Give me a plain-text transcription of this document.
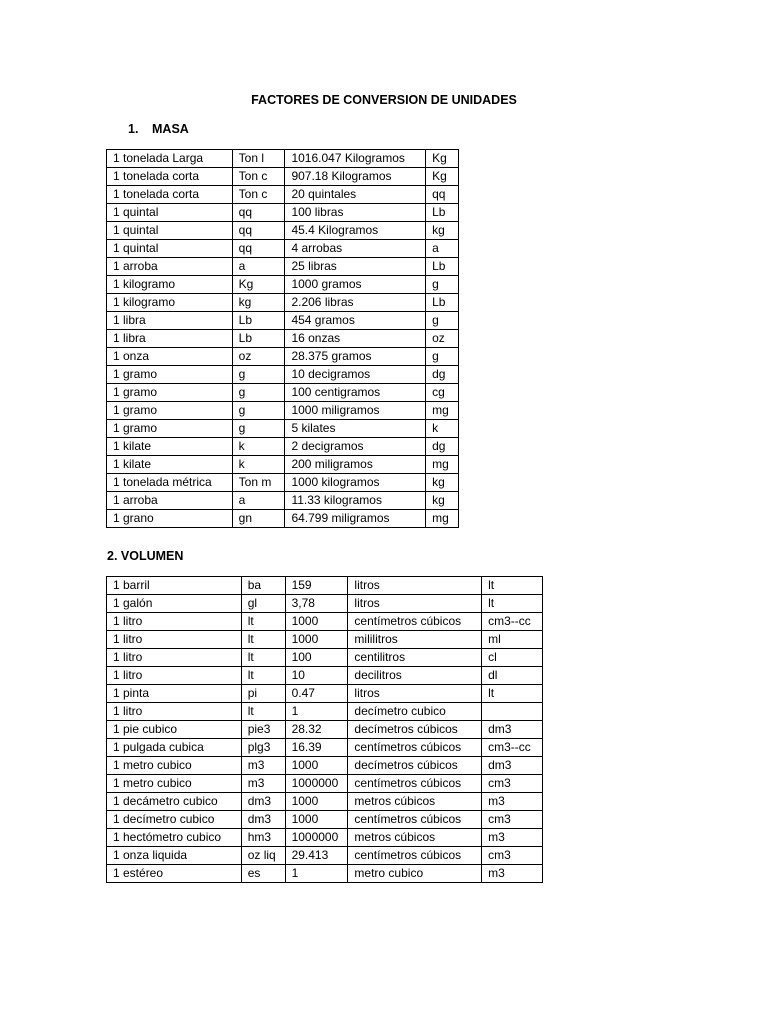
FACTORES DE CONVERSION DE UNIDADES
1. MASA
1 tonelada Larga	Ton l	1016.047 Kilogramos	Kg
1 tonelada corta	Ton c	907.18 Kilogramos	Kg
1 tonelada corta	Ton c	20 quintales	qq
1 quintal	qq	100 libras	Lb
1 quintal	qq	45.4 Kilogramos	kg
1 quintal	qq	4 arrobas	a
1 arroba	a	25 libras	Lb
1 kilogramo	Kg	1000 gramos	g
1 kilogramo	kg	2.206 libras	Lb
1 libra	Lb	454 gramos	g
1 libra	Lb	16 onzas	oz
1 onza	oz	28.375 gramos	g
1 gramo	g	10 decigramos	dg
1 gramo	g	100 centigramos	cg
1 gramo	g	1000 miligramos	mg
1 gramo	g	5 kilates	k
1 kilate	k	2 decigramos	dg
1 kilate	k	200 miligramos	mg
1 tonelada métrica	Ton m	1000 kilogramos	kg
1 arroba	a	11.33 kilogramos	kg
1 grano	gn	64.799 miligramos	mg
2. VOLUMEN
1 barril	ba	159	litros	lt
1 galón	gl	3,78	litros	lt
1 litro	lt	1000	centímetros cúbicos	cm3--cc
1 litro	lt	1000	mililitros	ml
1 litro	lt	100	centilitros	cl
1 litro	lt	10	decilitros	dl
1 pinta	pi	0.47	litros	lt
1 litro	lt	1	decímetro cubico	
1 pie cubico	pie3	28.32	decímetros cúbicos	dm3
1 pulgada cubica	plg3	16.39	centímetros cúbicos	cm3--cc
1 metro cubico	m3	1000	decímetros cúbicos	dm3
1 metro cubico	m3	1000000	centímetros cúbicos	cm3
1 decámetro cubico	dm3	1000	metros cúbicos	m3
1 decímetro cubico	dm3	1000	centímetros cúbicos	cm3
1 hectómetro cubico	hm3	1000000	metros cúbicos	m3
1 onza liquida	oz liq	29.413	centímetros cúbicos	cm3
1 estéreo	es	1	metro cubico	m3
